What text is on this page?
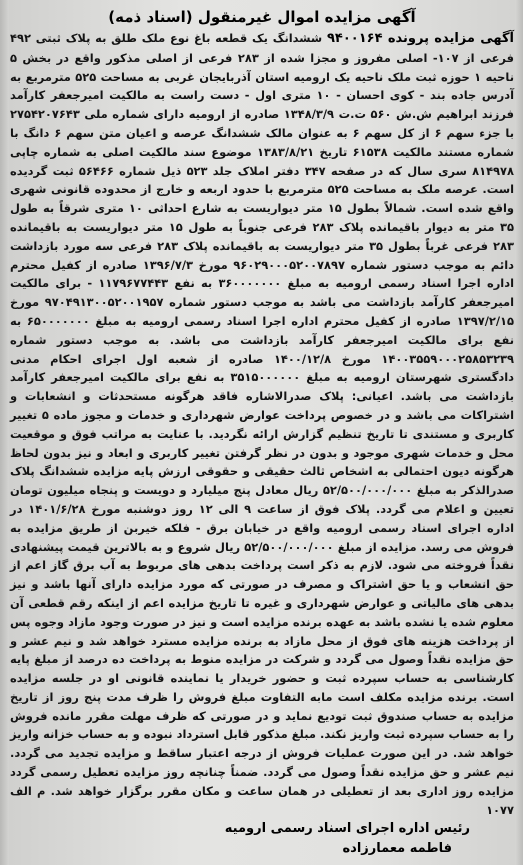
آگهی مزایده اموال غیرمنقول (اسناد ذمه)

آگهی مزایده پرونده ۹۴۰۰۱۶۴ ششدانگ یک قطعه باغ نوع ملک طلق به پلاک ثبتی ۴۹۲ فرعی از ۱۰۷- اصلی مفروز و مجزا شده از ۲۸۳ فرعی از اصلی مذکور واقع در بخش ۵ ناحیه ۱ حوزه ثبت ملک ناحیه یک ارومیه استان آذربایجان غربی به مساحت ۵۲۵ مترمربع به آدرس جاده بند - کوی احسان - ۱۰ متری اول - دست راست به مالکیت امیرجعفر کارآمد فرزند ابراهیم ش.ش ۵۶۰ ت.ت ۱۳۴۸/۳/۹ صادره از ارومیه دارای شماره ملی ۲۷۵۴۲۰۷۶۴۳ با جزء سهم ۶ از کل سهم ۶ به عنوان مالک ششدانگ عرصه و اعیان متن سهم ۶ دانگ با شماره مستند مالکیت ۶۱۵۳۸ تاریخ ۱۳۸۳/۸/۲۱ موضوع سند مالکیت اصلی به شماره چاپی ۸۱۴۹۷۸ سری سال که در صفحه ۳۴۷ دفتر املاک جلد ۵۲۳ ذیل شماره ۵۶۴۶۶ ثبت گردیده است. عرصه ملک به مساحت ۵۲۵ مترمربع با حدود اربعه و خارج از محدوده قانونی شهری واقع شده است. شمالاً بطول ۱۵ متر دیواریست به شارع احداثی ۱۰ متری شرقاً به طول ۳۵ متر به دیوار باقیمانده پلاک ۲۸۳ فرعی جنوباً به طول ۱۵ متر دیواریست به باقیمانده ۲۸۳ فرعی غرباً بطول ۳۵ متر دیواریست به باقیمانده پلاک ۲۸۳ فرعی سه مورد بازداشت دائم به موجب دستور شماره ۹۶۰۲۹۰۰۰۵۲۰۰۷۸۹۷ مورخ ۱۳۹۶/۷/۳ صادره از کفیل محترم اداره اجرا اسناد رسمی ارومیه به مبلغ ۳۶۰۰۰۰۰۰۰ به نفع ۱۱۷۹۶۷۷۴۴۳ - برای مالکیت امیرجعفر کارآمد بازداشت می باشد به موجب دستور شماره ۹۷۰۴۹۱۳۰۰۵۲۰۰۱۹۵۷ مورخ ۱۳۹۷/۲/۱۵ صادره از کفیل محترم اداره اجرا اسناد رسمی ارومیه به مبلغ ۶۵۰۰۰۰۰۰۰ به نفع برای مالکیت امیرجعفر کارآمد بازداشت می باشد. به موجب دستور شماره ۱۴۰۰۳۵۵۹۰۰۰۲۵۸۵۳۲۳۹ مورخ ۱۴۰۰/۱۲/۸ صادره از شعبه اول اجرای احکام مدنی دادگستری شهرستان ارومیه به مبلغ ۳۵۱۵۰۰۰۰۰۰ به نفع برای مالکیت امیرجعفر کارآمد بازداشت می باشد. اعیانی: پلاک صدرالاشاره فاقد هرگونه مستحدثات و انشعابات و اشتراکات می باشد و در خصوص پرداخت عوارض شهرداری و خدمات و مجوز ماده ۵ تغییر کاربری و مستندی تا تاریخ تنظیم گزارش ارائه نگردید. با عنایت به مراتب فوق و موقعیت محل و خدمات شهری موجود و بدون در نظر گرفتن تغییر کاربری و ابعاد و نیز بدون لحاظ هرگونه دیون احتمالی به اشخاص ثالث حقیقی و حقوقی ارزش پایه مزایده ششدانگ پلاک صدرالذکر به مبلغ ۵۲/۵۰۰/۰۰۰/۰۰۰ ریال معادل پنج میلیارد و دویست و پنجاه میلیون تومان تعیین و اعلام می گردد. پلاک فوق از ساعت ۹ الی ۱۲ روز دوشنبه مورخ ۱۴۰۱/۶/۲۸ در اداره اجرای اسناد رسمی ارومیه واقع در خیابان برق - فلکه خیربن از طریق مزایده به فروش می رسد. مزایده از مبلغ ۵۲/۵۰۰/۰۰۰/۰۰۰ ریال شروع و به بالاترین قیمت پیشنهادی نقداً فروخته می شود. لازم به ذکر است پرداخت بدهی های مربوط به آب برق گاز اعم از حق انشعاب و یا حق اشتراک و مصرف در صورتی که مورد مزایده دارای آنها باشد و نیز بدهی های مالیاتی و عوارض شهرداری و غیره تا تاریخ مزایده اعم از اینکه رقم قطعی آن معلوم شده یا نشده باشد به عهده برنده مزایده است و نیز در صورت وجود مازاد وجوه پس از پرداخت هزینه های فوق از محل مازاد به برنده مزایده مسترد خواهد شد و نیم عشر و حق مزایده نقداً وصول می گردد و شرکت در مزایده منوط به پرداخت ده درصد از مبلغ پایه کارشناسی به حساب سپرده ثبت و حضور خریدار یا نماینده قانونی او در جلسه مزایده است. برنده مزایده مکلف است مابه التفاوت مبلغ فروش را ظرف مدت پنج روز از تاریخ مزایده به حساب صندوق ثبت تودیع نماید و در صورتی که ظرف مهلت مقرر مانده فروش را به حساب سپرده ثبت واریز نکند. مبلغ مذکور قابل استرداد نبوده و به حساب خزانه واریز خواهد شد. در این صورت عملیات فروش از درجه اعتبار ساقط و مزایده تجدید می گردد. نیم عشر و حق مزایده نقداً وصول می گردد. ضمناً چنانچه روز مزایده تعطیل رسمی گردد مزایده روز اداری بعد از تعطیلی در همان ساعت و مکان مقرر برگزار خواهد شد. م الف ۱۰۷۷

رئیس اداره اجرای اسناد رسمی ارومیه
فاطمه معمارزاده
